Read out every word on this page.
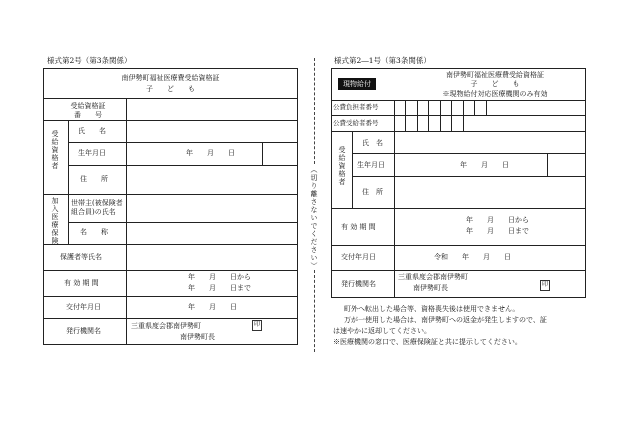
様式第2号（第3条関係）
南伊勢町福祉医療費受給資格証
子　　ど　　も
受給資格証
番　　号
受給資格者	氏　　名
生年月日	年　　月　　日
住　　所
加入医療保険 世帯主(被保険者
組合員)の氏名
名　　称
保護者等氏名
有 効 期 間
年　　月　　日から
年　　月　　日まで
交付年月日	年　　月　　日
発行機関名
三重県度会郡南伊勢町
南伊勢町長
印
（切り離さないでください）
様式第2―1号（第3条関係）
現物給付
南伊勢町福祉医療費受給資格証
子　　ど　　も
※現物給付対応医療機関のみ有効
公費負担者番号
公費受給者番号
受給資格者
氏　名
生年月日	年　　月　　日
住　所
有 効 期 間
年　　月　　日から
年　　月　　日まで
交付年月日	令和　　年　　月　　日
発行機関名
三重県度会郡南伊勢町
南伊勢町長	印
町外へ転出した場合等、資格喪失後は使用できません。
万が一使用した場合は、南伊勢町への返金が発生しますので、証
は速やかに返却してください。
※医療機関の窓口で、医療保険証と共に提示してください。
